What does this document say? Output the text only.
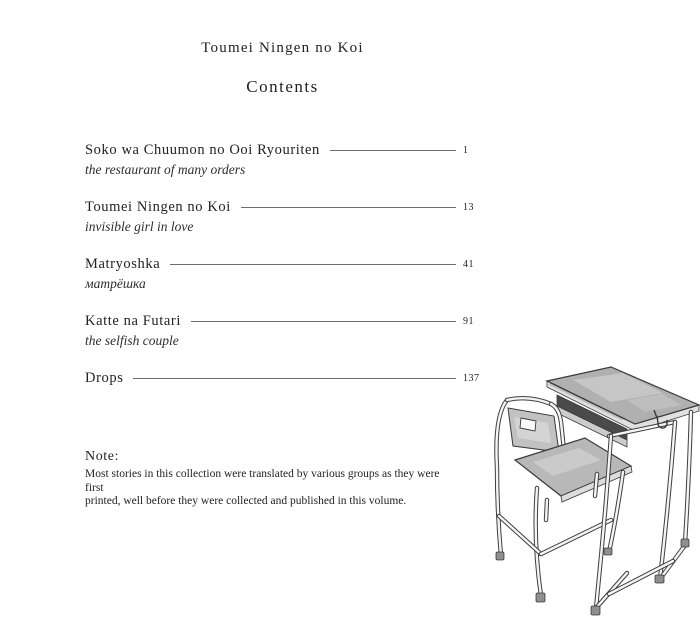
Toumei Ningen no Koi
Contents
Soko wa Chuumon no Ooi Ryouriten	1
the restaurant of many orders
Toumei Ningen no Koi	13
invisible girl in love
Matryoshka	41
матрёшка
Katte na Futari	91
the selfish couple
Drops	137
Note:
Most stories in this collection were translated by various groups as they were first
printed, well before they were collected and published in this volume.
